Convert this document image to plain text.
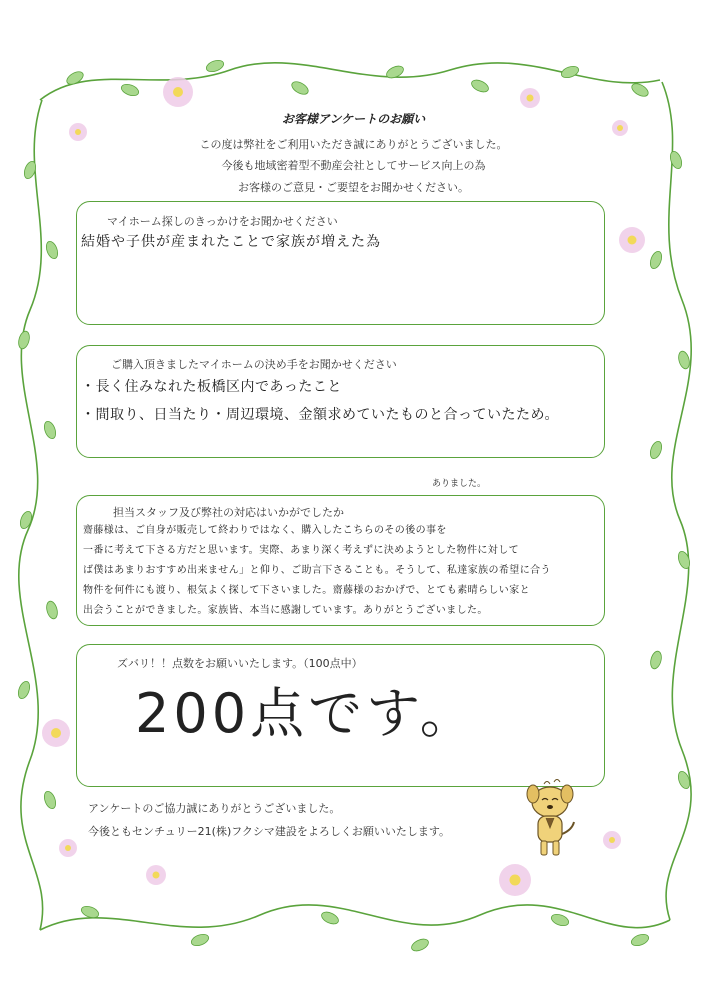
お客様アンケートのお願い
この度は弊社をご利用いただき誠にありがとうございました。
今後も地域密着型不動産会社としてサービス向上の為
お客様のご意見・ご要望をお聞かせください。
マイホーム探しのきっかけをお聞かせください
結婚や子供が産まれたことで家族が増えた為
ご購入頂きましたマイホームの決め手をお聞かせください
・長く住みなれた板橋区内であったこと
・間取り、日当たり・周辺環境、金額求めていたものと合っていたため。
ありました。
担当スタッフ及び弊社の対応はいかがでしたか
齋藤様は、ご自身が販売して終わりではなく、購入したこちらのその後の事を
一番に考えて下さる方だと思います。実際、あまり深く考えずに決めようとした物件に対して
ば僕はあまりおすすめ出来ません」と仰り、ご助言下さることも。そうして、私達家族の希望に合う
物件を何件にも渡り、根気よく探して下さいました。齋藤様のおかげで、とても素晴らしい家と
出会うことができました。家族皆、本当に感謝しています。ありがとうございました。
ズバリ！！点数をお願いいたします。（100点中）
200点です。
アンケートのご協力誠にありがとうございました。
今後ともセンチュリー21(株)フクシマ建設をよろしくお願いいたします。
